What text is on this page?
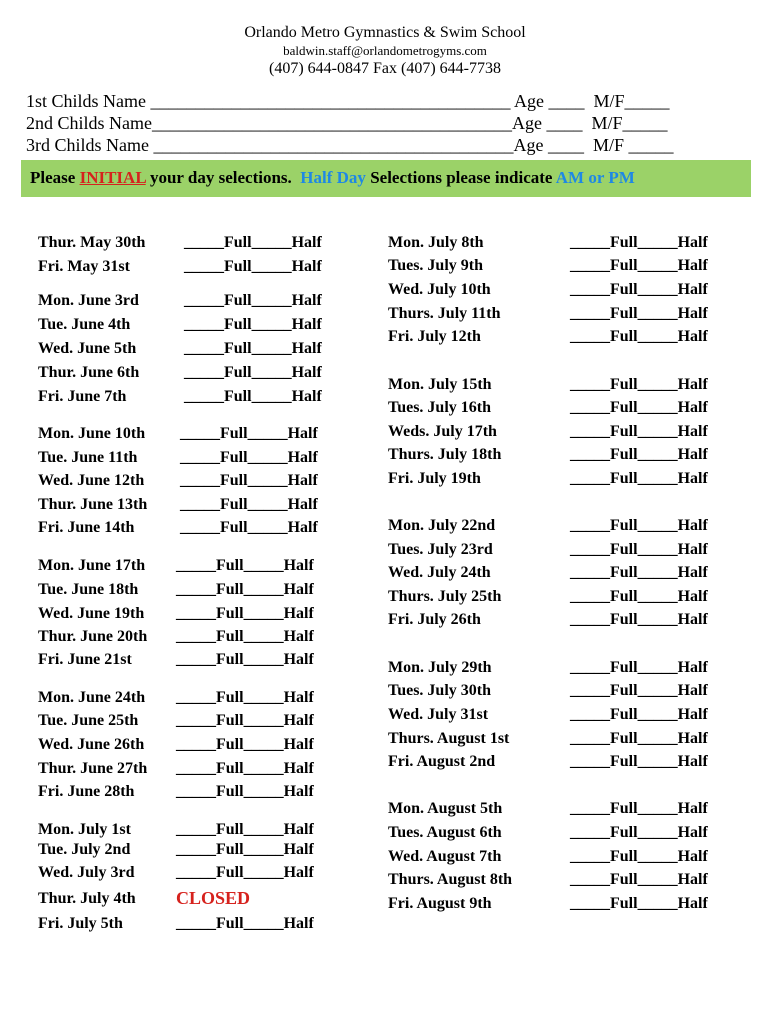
Orlando Metro Gymnastics & Swim School
baldwin.staff@orlandometrogyms.com
(407) 644-0847 Fax (407) 644-7738
1st Childs Name ________________________________________ Age ____  M/F_____
2nd Childs Name________________________________________Age ____  M/F_____
3rd Childs Name ________________________________________Age ____  M/F _____
Please INITIAL your day selections.  Half Day Selections please indicate AM or PM
Thur. May 30th _____Full_____Half
Fri. May 31st	_____Full_____Half
Mon. June 3rd	_____Full_____Half
Tue. June 4th	_____Full_____Half
Wed. June 5th	_____Full_____Half
Thur. June 6th	_____Full_____Half
Fri. June 7th	_____Full_____Half
Mon. June 10th _____Full_____Half
Tue. June 11th	_____Full_____Half
Wed. June 12th _____Full_____Half
Thur. June 13th _____Full_____Half
Fri. June 14th	_____Full_____Half
Mon. June 17th _____Full_____Half
Tue. June 18th _____Full_____Half
Wed. June 19th _____Full_____Half
Thur. June 20th _____Full_____Half
Fri. June 21st	_____Full_____Half
Mon. June 24th _____Full_____Half
Tue. June 25th _____Full_____Half
Wed. June 26th _____Full_____Half
Thur. June 27th _____Full_____Half
Fri. June 28th	_____Full_____Half
Mon. July 1st	_____Full_____Half
Tue. July 2nd	_____Full_____Half
Wed. July 3rd	_____Full_____Half
Thur. July 4th CLOSED
Fri. July 5th	_____Full_____Half
Mon. July 8th	_____Full_____Half
Tues. July 9th	_____Full_____Half
Wed. July 10th	_____Full_____Half
Thurs. July 11th	_____Full_____Half
Fri. July 12th	_____Full_____Half
Mon. July 15th	_____Full_____Half
Tues. July 16th	_____Full_____Half
Weds. July 17th	_____Full_____Half
Thurs. July 18th	_____Full_____Half
Fri. July 19th	_____Full_____Half
Mon. July 22nd	_____Full_____Half
Tues. July 23rd	_____Full_____Half
Wed. July 24th	_____Full_____Half
Thurs. July 25th	_____Full_____Half
Fri. July 26th	_____Full_____Half
Mon. July 29th	_____Full_____Half
Tues. July 30th	_____Full_____Half
Wed. July 31st	_____Full_____Half
Thurs. August 1st	_____Full_____Half
Fri. August 2nd	_____Full_____Half
Mon. August 5th	_____Full_____Half
Tues. August 6th	_____Full_____Half
Wed. August 7th	_____Full_____Half
Thurs. August 8th	_____Full_____Half
Fri. August 9th	_____Full_____Half
